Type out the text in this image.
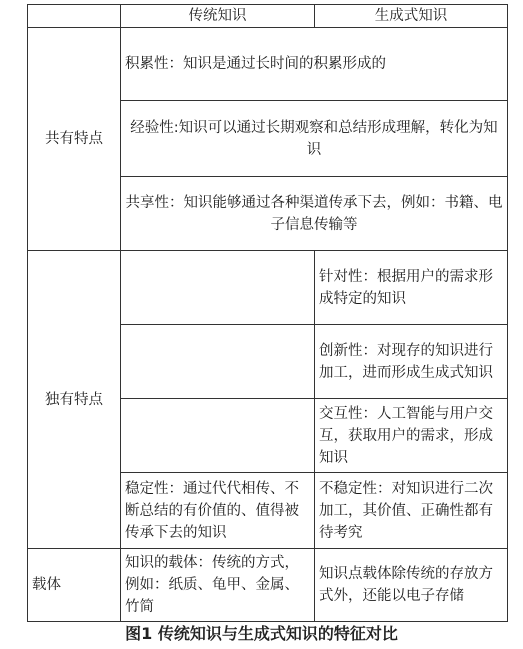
	传统知识	生成式知识
共有特点	积累性：知识是通过长时间的积累形成的	
	经验性:知识可以通过长期观察和总结形成理解，转化为知识	
	共享性：知识能够通过各种渠道传承下去，例如：书籍、电子信息传输等	
独有特点		针对性：根据用户的需求形成特定的知识
		创新性：对现存的知识进行加工，进而形成生成式知识
		交互性：人工智能与用户交互，获取用户的需求，形成知识
	稳定性：通过代代相传、不断总结的有价值的、值得被传承下去的知识	不稳定性：对知识进行二次加工，其价值、正确性都有待考究
载体	知识的载体：传统的方式，例如：纸质、龟甲、金属、竹简	知识点载体除传统的存放方式外，还能以电子存储
图1 传统知识与生成式知识的特征对比
